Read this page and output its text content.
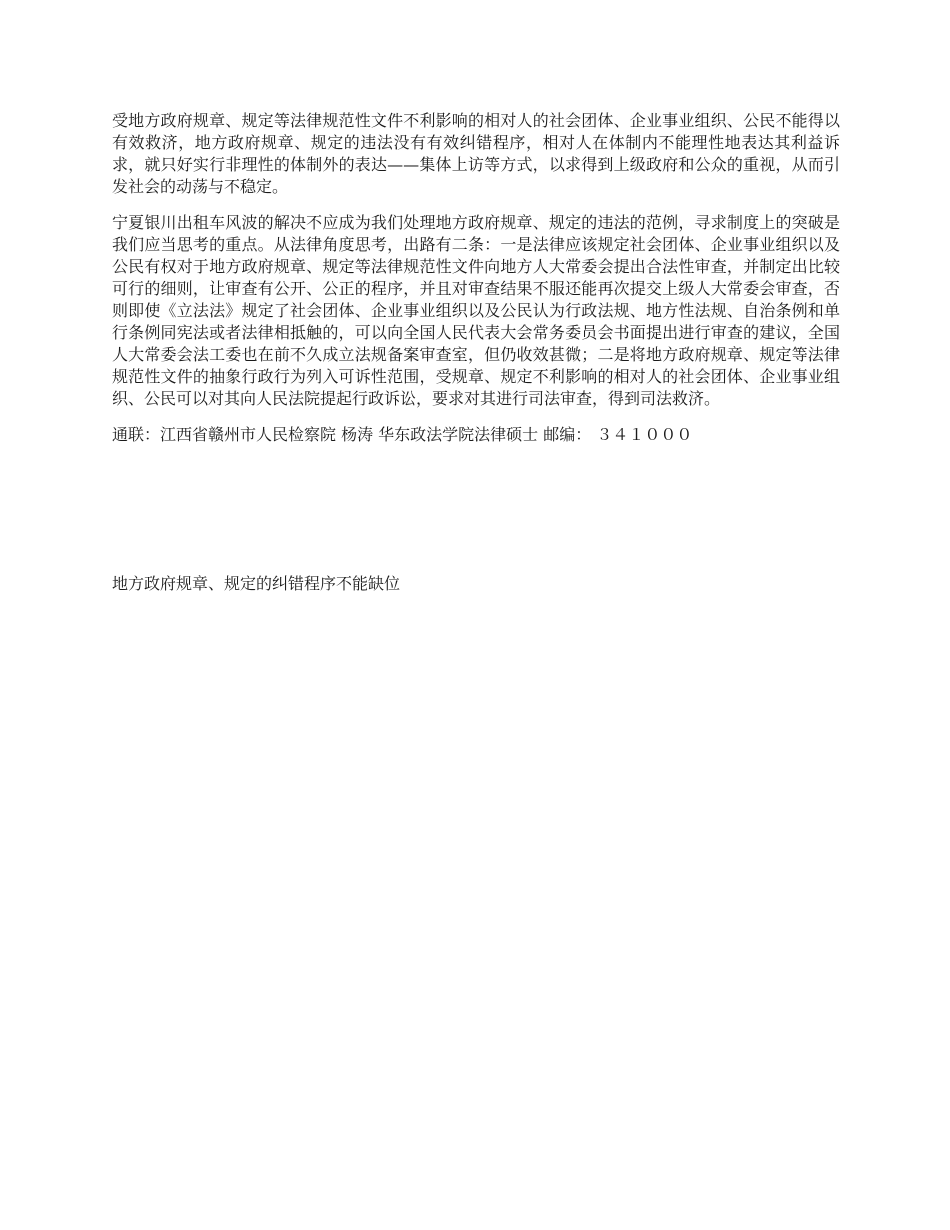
受地方政府规章、规定等法律规范性文件不利影响的相对人的社会团体、企业事业组织、公民不能得以有效救济，地方政府规章、规定的违法没有有效纠错程序，相对人在体制内不能理性地表达其利益诉求，就只好实行非理性的体制外的表达——集体上访等方式，以求得到上级政府和公众的重视，从而引发社会的动荡与不稳定。

宁夏银川出租车风波的解决不应成为我们处理地方政府规章、规定的违法的范例，寻求制度上的突破是我们应当思考的重点。从法律角度思考，出路有二条：一是法律应该规定社会团体、企业事业组织以及公民有权对于地方政府规章、规定等法律规范性文件向地方人大常委会提出合法性审查，并制定出比较可行的细则，让审查有公开、公正的程序，并且对审查结果不服还能再次提交上级人大常委会审查，否则即使《立法法》规定了社会团体、企业事业组织以及公民认为行政法规、地方性法规、自治条例和单行条例同宪法或者法律相抵触的，可以向全国人民代表大会常务委员会书面提出进行审查的建议，全国人大常委会法工委也在前不久成立法规备案审查室，但仍收效甚微；二是将地方政府规章、规定等法律规范性文件的抽象行政行为列入可诉性范围，受规章、规定不利影响的相对人的社会团体、企业事业组织、公民可以对其向人民法院提起行政诉讼，要求对其进行司法审查，得到司法救济。

通联：江西省赣州市人民检察院 杨涛 华东政法学院法律硕士 邮编： ３４１０００

地方政府规章、规定的纠错程序不能缺位
